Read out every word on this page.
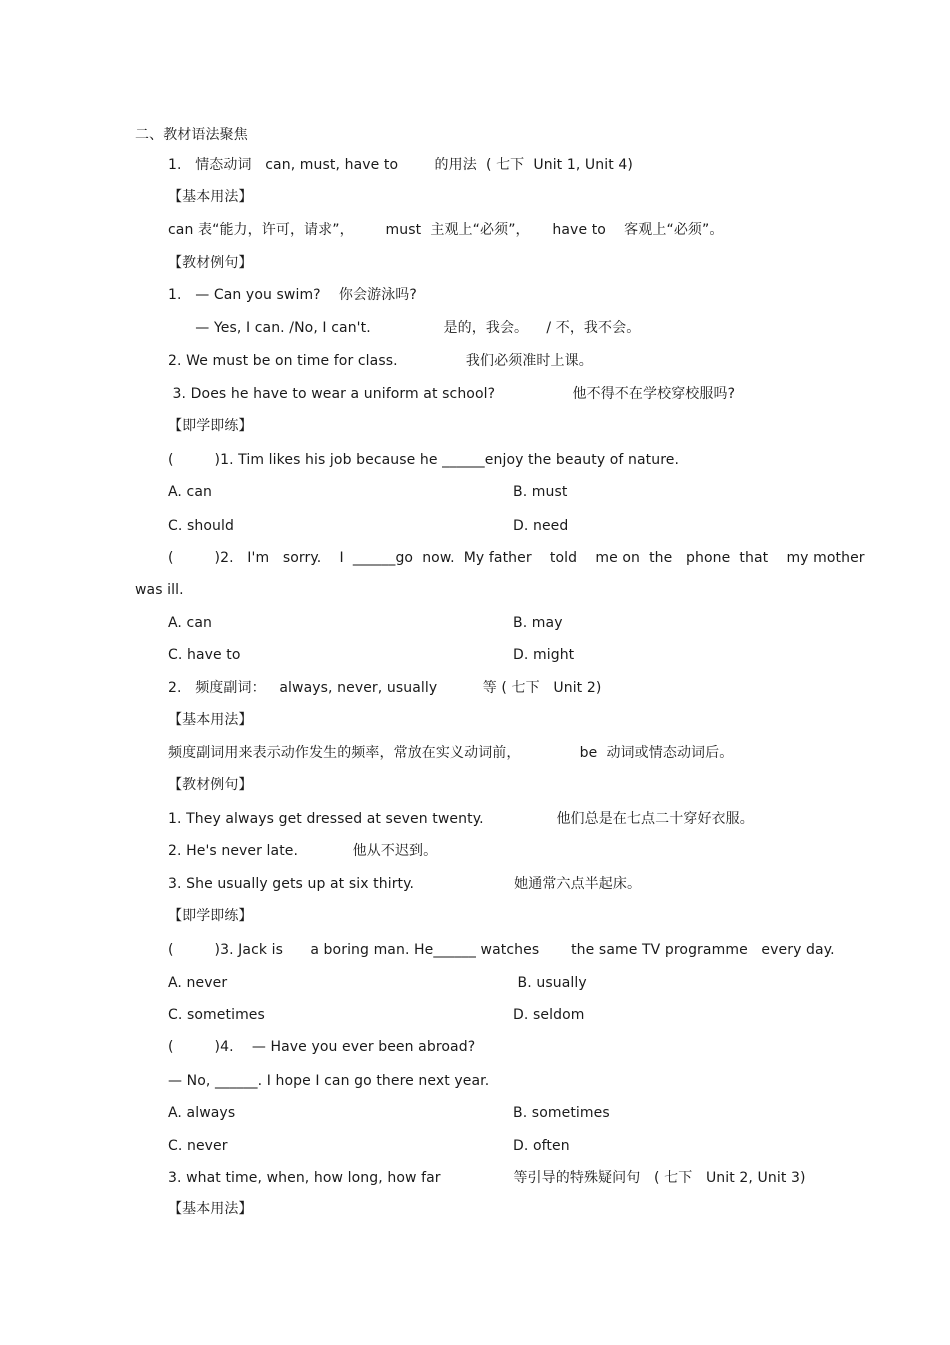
二、教材语法聚焦
1.   情态动词   can, must, have to        的用法  ( 七下  Unit 1, Unit 4)
【基本用法】
can 表“能力，许可，请求”，       must  主观上“必须”，     have to    客观上“必须”。
【教材例句】
1.   — Can you swim?    你会游泳吗?
— Yes, I can. /No, I can't.                是的，我会。    / 不，我不会。
2. We must be on time for class.               我们必须准时上课。
3. Does he have to wear a uniform at school?                 他不得不在学校穿校服吗?
【即学即练】
(         )1. Tim likes his job because he ______enjoy the beauty of nature.
A. can	B. must
C. should	D. need
(         )2.   I'm   sorry.    I  ______go  now.  My father    told    me on  the   phone  that    my mother
was ill.
A. can	B. may
C. have to	D. might
2.   频度副词：   always, never, usually          等 ( 七下   Unit 2)
【基本用法】
频度副词用来表示动作发生的频率，常放在实义动词前，             be  动词或情态动词后。
【教材例句】
1. They always get dressed at seven twenty.                他们总是在七点二十穿好衣服。
2. He's never late.            他从不迟到。
3. She usually gets up at six thirty.                      她通常六点半起床。
【即学即练】
(         )3. Jack is      a boring man. He______ watches       the same TV programme   every day.
A. never	B. usually
C. sometimes	D. seldom
(         )4.    — Have you ever been abroad?
— No, ______. I hope I can go there next year.
A. always	B. sometimes
C. never	D. often
3. what time, when, how long, how far                等引导的特殊疑问句   ( 七下   Unit 2, Unit 3)
【基本用法】
